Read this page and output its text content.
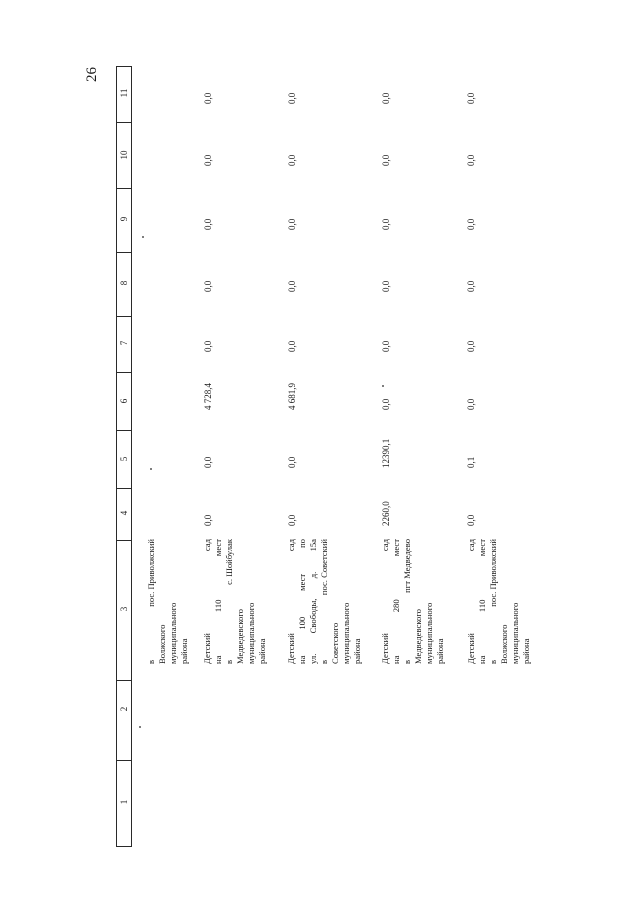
26
1
2
3
4
5
6
7
8
9
10
11
в
пос. Приволжский
Волжского муниципального района Детский
сад
на
110
мест
в
с. Шойбулак
Медведевского муниципального района Детский
сад
на
100
мест
по
ул.
Свободы,
д.
15а
в
пос. Советский
Советского муниципального района Детский
сад
на
280
мест
в
пгт Медведево
Медведевского муниципального района Детский
сад
на
110
мест
в
пос. Приволжский
Волжского муниципального района
0,0
0,0
4 728,4
0,0
0,0
0,0
0,0
0,0
0,0
0,0
4 681,9
0,0
0,0
0,0
0,0
0,0
2260,0
12390,1
0,0
0,0
0,0
0,0
0,0
0,0
0,0
0,1
0,0
0,0
0,0
0,0
0,0
0,0
